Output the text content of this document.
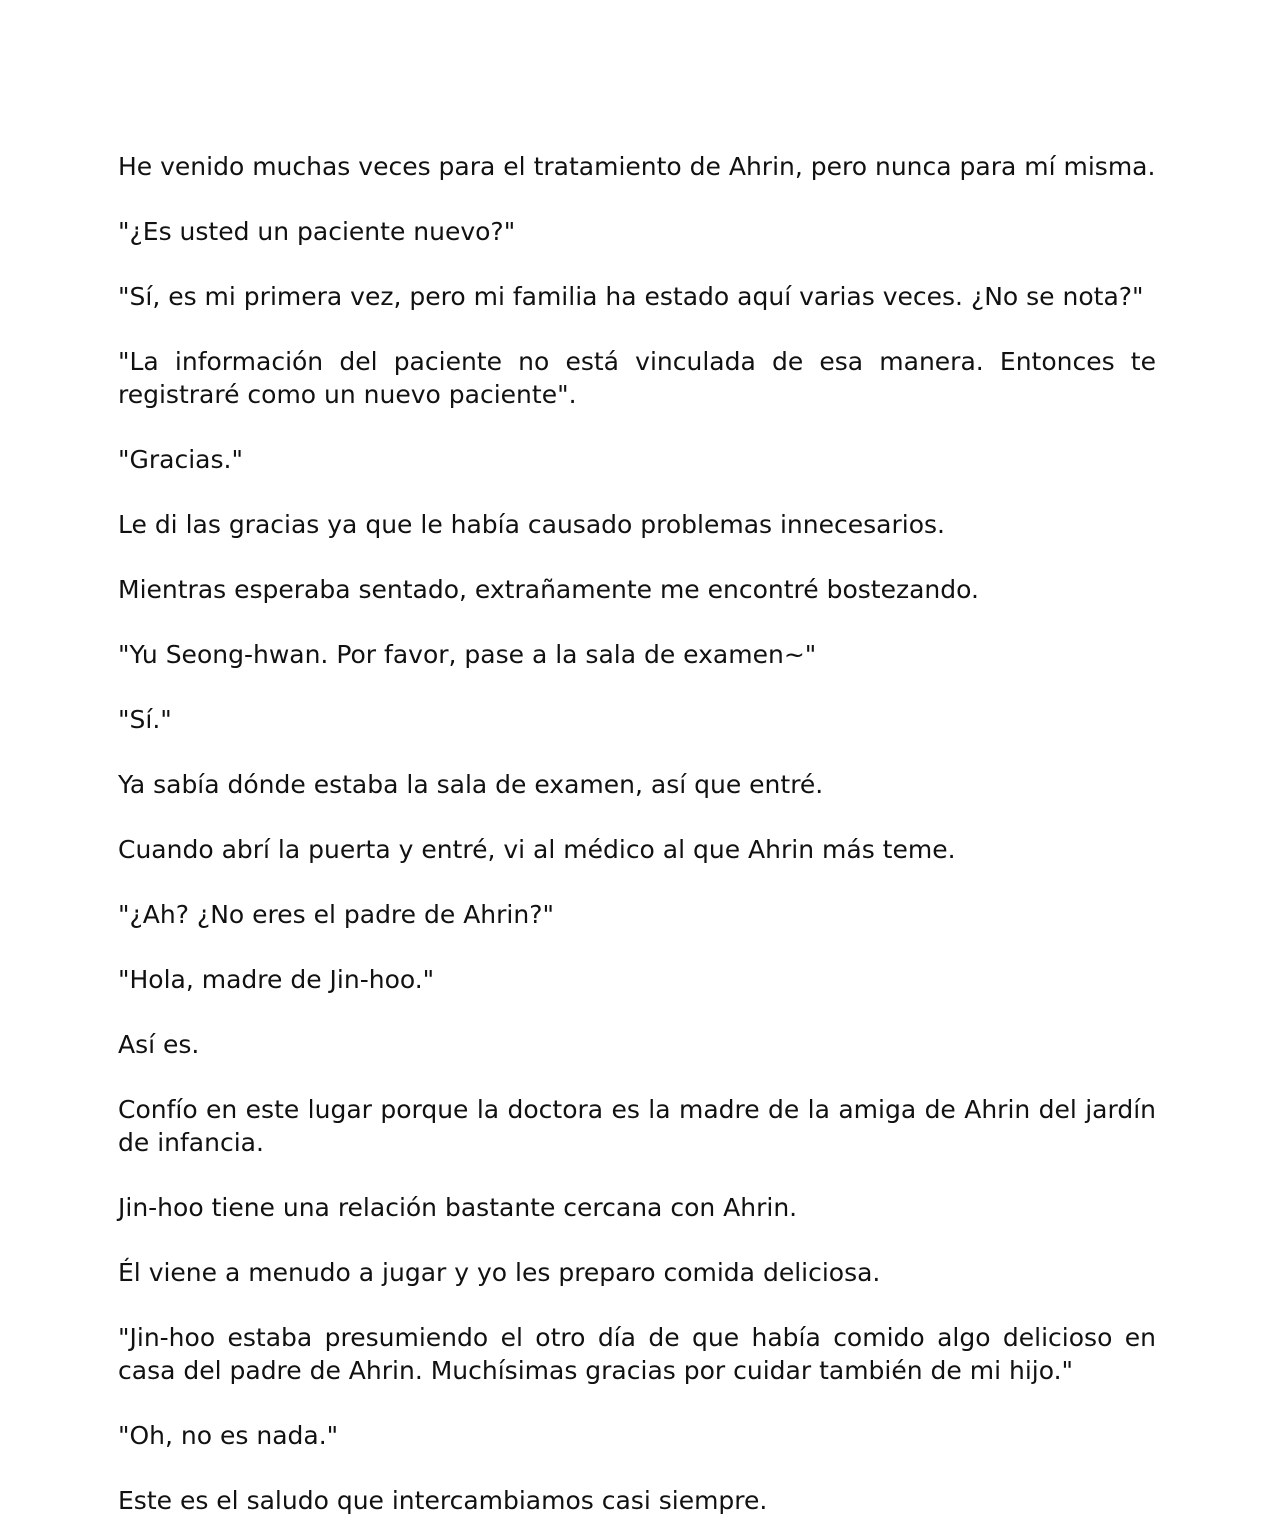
He venido muchas veces para el tratamiento de Ahrin, pero nunca para mí misma.

"¿Es usted un paciente nuevo?"

"Sí, es mi primera vez, pero mi familia ha estado aquí varias veces. ¿No se nota?"

"La información del paciente no está vinculada de esa manera. Entonces te registraré como un nuevo paciente".

"Gracias."

Le di las gracias ya que le había causado problemas innecesarios.

Mientras esperaba sentado, extrañamente me encontré bostezando.

"Yu Seong-hwan. Por favor, pase a la sala de examen~"

"Sí."

Ya sabía dónde estaba la sala de examen, así que entré.

Cuando abrí la puerta y entré, vi al médico al que Ahrin más teme.

"¿Ah? ¿No eres el padre de Ahrin?"

"Hola, madre de Jin-hoo."

Así es.

Confío en este lugar porque la doctora es la madre de la amiga de Ahrin del jardín de infancia.

Jin-hoo tiene una relación bastante cercana con Ahrin.

Él viene a menudo a jugar y yo les preparo comida deliciosa.

"Jin-hoo estaba presumiendo el otro día de que había comido algo delicioso en casa del padre de Ahrin. Muchísimas gracias por cuidar también de mi hijo."

"Oh, no es nada."

Este es el saludo que intercambiamos casi siempre.
